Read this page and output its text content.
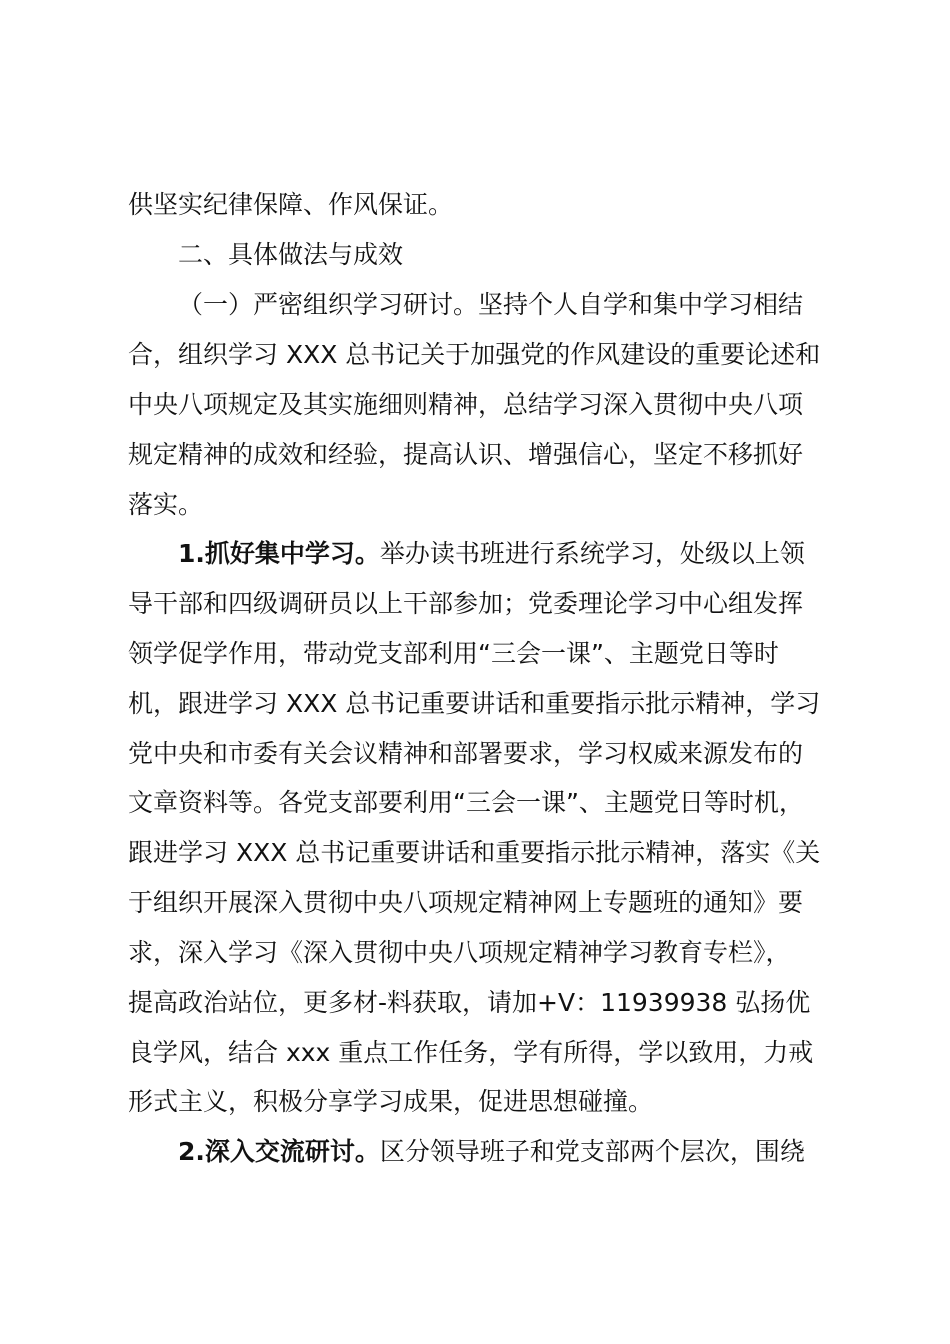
供坚实纪律保障、作风保证。
二、具体做法与成效
（一）严密组织学习研讨。坚持个人自学和集中学习相结
合，组织学习 XXX 总书记关于加强党的作风建设的重要论述和
中央八项规定及其实施细则精神，总结学习深入贯彻中央八项
规定精神的成效和经验，提高认识、增强信心，坚定不移抓好
落实。
1.抓好集中学习。举办读书班进行系统学习，处级以上领
导干部和四级调研员以上干部参加；党委理论学习中心组发挥
领学促学作用，带动党支部利用“三会一课”、主题党日等时
机，跟进学习 XXX 总书记重要讲话和重要指示批示精神，学习
党中央和市委有关会议精神和部署要求，学习权威来源发布的
文章资料等。各党支部要利用“三会一课”、主题党日等时机，
跟进学习 XXX 总书记重要讲话和重要指示批示精神，落实《关
于组织开展深入贯彻中央八项规定精神网上专题班的通知》要
求，深入学习《深入贯彻中央八项规定精神学习教育专栏》，
提高政治站位，更多材-料获取，请加+V：11939938 弘扬优
良学风，结合 xxx 重点工作任务，学有所得，学以致用，力戒
形式主义，积极分享学习成果，促进思想碰撞。
2.深入交流研讨。区分领导班子和党支部两个层次，围绕
